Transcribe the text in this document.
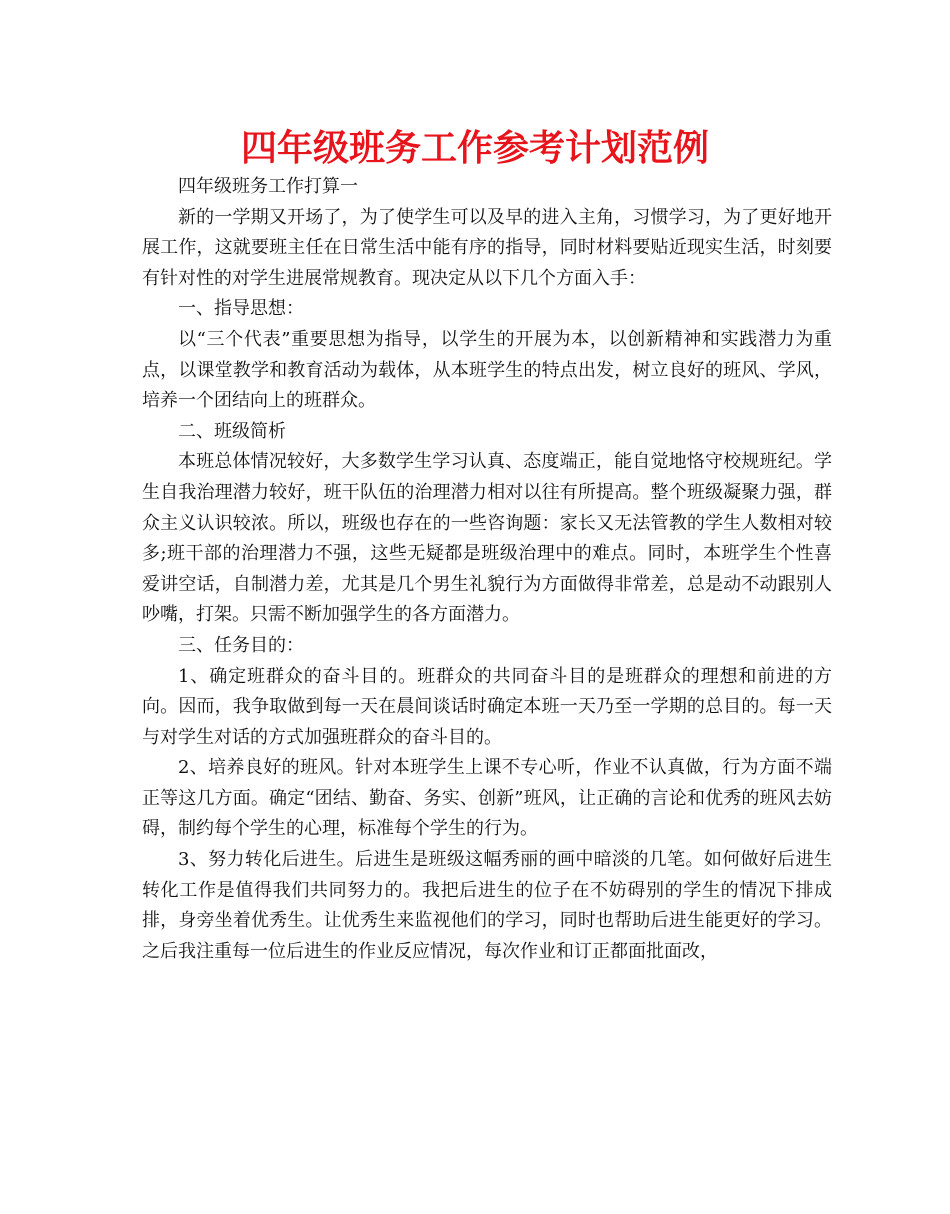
四年级班务工作参考计划范例

四年级班务工作打算一

新的一学期又开场了，为了使学生可以及早的进入主角，习惯学习，为了更好地开展工作，这就要班主任在日常生活中能有序的指导，同时材料要贴近现实生活，时刻要有针对性的对学生进展常规教育。现决定从以下几个方面入手：

一、指导思想：

以“三个代表”重要思想为指导，以学生的开展为本，以创新精神和实践潜力为重点，以课堂教学和教育活动为载体，从本班学生的特点出发，树立良好的班风、学风，培养一个团结向上的班群众。

二、班级简析

本班总体情况较好，大多数学生学习认真、态度端正，能自觉地恪守校规班纪。学生自我治理潜力较好，班干队伍的治理潜力相对以往有所提高。整个班级凝聚力强，群众主义认识较浓。所以，班级也存在的一些咨询题：家长又无法管教的学生人数相对较多;班干部的治理潜力不强，这些无疑都是班级治理中的难点。同时，本班学生个性喜爱讲空话，自制潜力差，尤其是几个男生礼貌行为方面做得非常差，总是动不动跟别人吵嘴，打架。只需不断加强学生的各方面潜力。

三、任务目的：

1、确定班群众的奋斗目的。班群众的共同奋斗目的是班群众的理想和前进的方向。因而，我争取做到每一天在晨间谈话时确定本班一天乃至一学期的总目的。每一天与对学生对话的方式加强班群众的奋斗目的。

2、培养良好的班风。针对本班学生上课不专心听，作业不认真做，行为方面不端正等这几方面。确定“团结、勤奋、务实、创新”班风，让正确的言论和优秀的班风去妨碍，制约每个学生的心理，标准每个学生的行为。

3、努力转化后进生。后进生是班级这幅秀丽的画中暗淡的几笔。如何做好后进生转化工作是值得我们共同努力的。我把后进生的位子在不妨碍别的学生的情况下排成排，身旁坐着优秀生。让优秀生来监视他们的学习，同时也帮助后进生能更好的学习。之后我注重每一位后进生的作业反应情况，每次作业和订正都面批面改，
